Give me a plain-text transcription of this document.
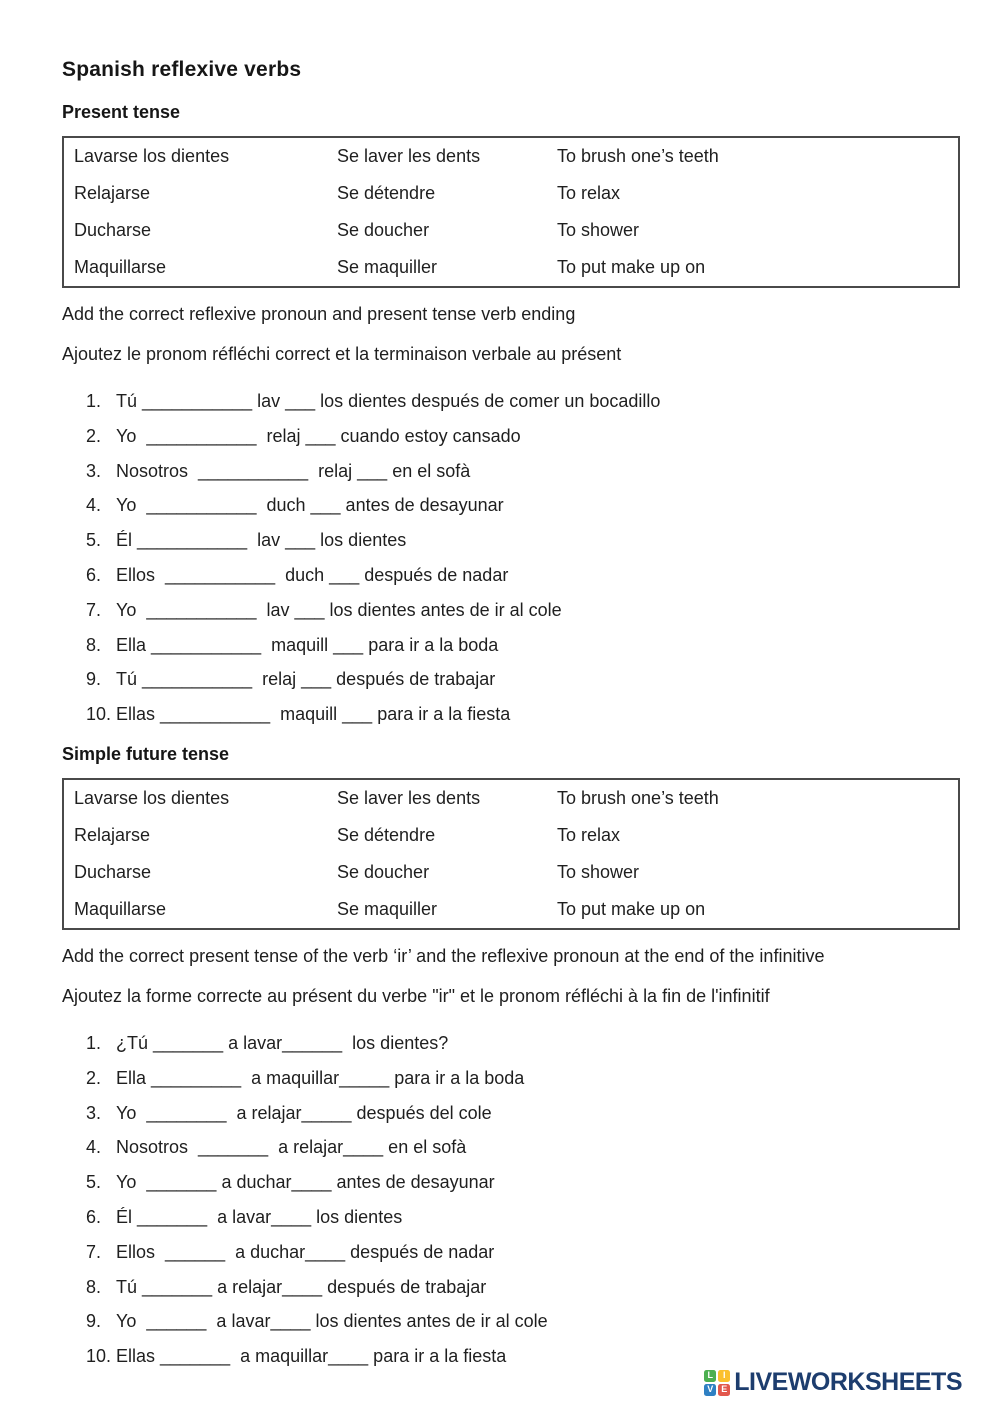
Spanish reflexive verbs
Present tense
Lavarse los dientes	Se laver les dents	To brush one’s teeth
Relajarse	Se détendre	To relax
Ducharse	Se doucher	To shower
Maquillarse	Se maquiller	To put make up on

Add the correct reflexive pronoun and present tense verb ending

Ajoutez le pronom réfléchi correct et la terminaison verbale au présent

1. Tú ___________ lav ___ los dientes después de comer un bocadillo
2. Yo  ___________  relaj ___ cuando estoy cansado
3. Nosotros  ___________  relaj ___ en el sofà
4. Yo  ___________  duch ___ antes de desayunar
5. Él ___________  lav ___ los dientes
6. Ellos  ___________  duch ___ después de nadar
7. Yo  ___________  lav ___ los dientes antes de ir al cole
8. Ella ___________  maquill ___ para ir a la boda
9. Tú ___________  relaj ___ después de trabajar
10. Ellas ___________  maquill ___ para ir a la fiesta
Simple future tense
Lavarse los dientes	Se laver les dents	To brush one’s teeth
Relajarse	Se détendre	To relax
Ducharse	Se doucher	To shower
Maquillarse	Se maquiller	To put make up on

Add the correct present tense of the verb ‘ir’ and the reflexive pronoun at the end of the infinitive

Ajoutez la forme correcte au présent du verbe "ir" et le pronom réfléchi à la fin de l'infinitif

1. ¿Tú _______ a lavar______  los dientes?
2. Ella _________  a maquillar_____ para ir a la boda
3. Yo  ________  a relajar_____ después del cole
4. Nosotros  _______  a relajar____ en el sofà
5. Yo  _______ a duchar____ antes de desayunar
6. Él _______  a lavar____ los dientes
7. Ellos  ______  a duchar____ después de nadar
8. Tú _______ a relajar____ después de trabajar
9. Yo  ______  a lavar____ los dientes antes de ir al cole
10. Ellas _______  a maquillar____ para ir a la fiesta
L	I
V E LIVEWORKSHEETS
